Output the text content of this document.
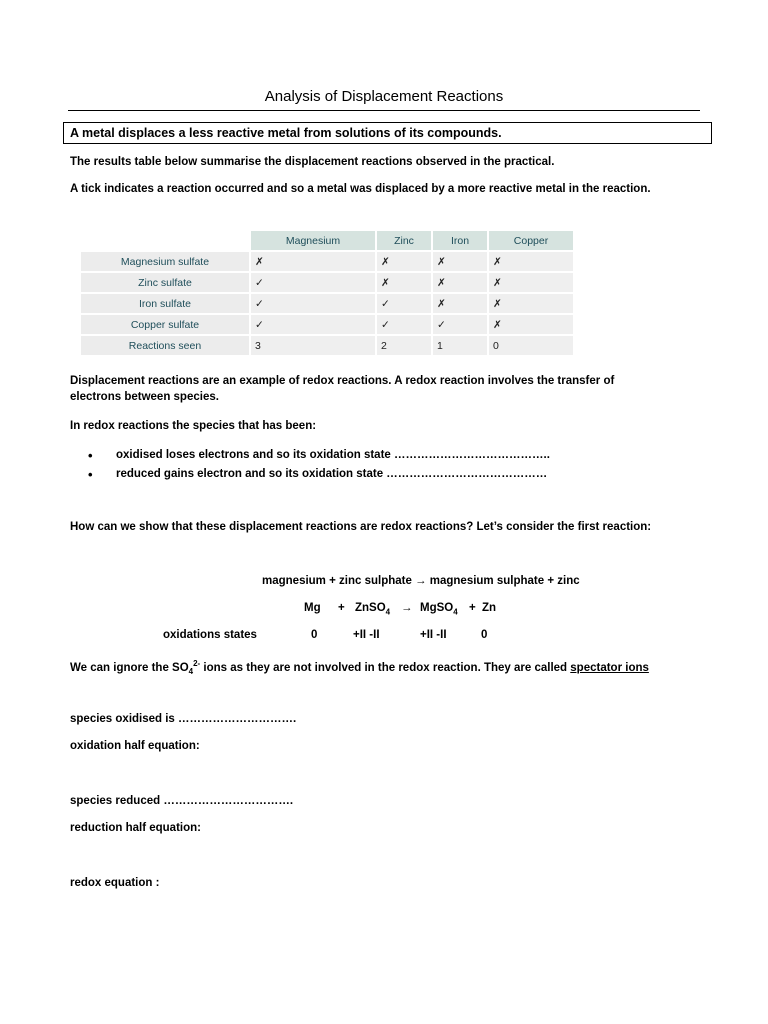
Analysis of Displacement Reactions
A metal displaces a less reactive metal from solutions of its compounds.
The results table below summarise the displacement reactions observed in the practical.
A tick indicates a reaction occurred and so a metal was displaced by a more reactive metal in the reaction.
	Magnesium	Zinc	Iron	Copper
Magnesium sulfate	✗	✗	✗	✗
Zinc sulfate	✓	✗	✗	✗
Iron sulfate	✓	✓	✗	✗
Copper sulfate	✓	✓	✓	✗
Reactions seen	3	2	1	0
Displacement reactions are an example of redox reactions. A redox reaction involves the transfer of
electrons between species.
In redox reactions the species that has been:
• oxidised loses electrons and so its oxidation state …………………………………..
• reduced gains electron and so its oxidation state ……………………………………
How can we show that these displacement reactions are redox reactions? Let’s consider the first reaction:
magnesium + zinc sulphate → magnesium sulphate + zinc
Mg + ZnSO$_4$ → MgSO$_4$ + Zn
oxidations states	0	+II -II	+II -II	0
We can ignore the $SO_4^{2-}$ ions as they are not involved in the redox reaction. They are called spectator ions
species oxidised is ………………………….
oxidation half equation:
species reduced …………………………….
reduction half equation:
redox equation :
